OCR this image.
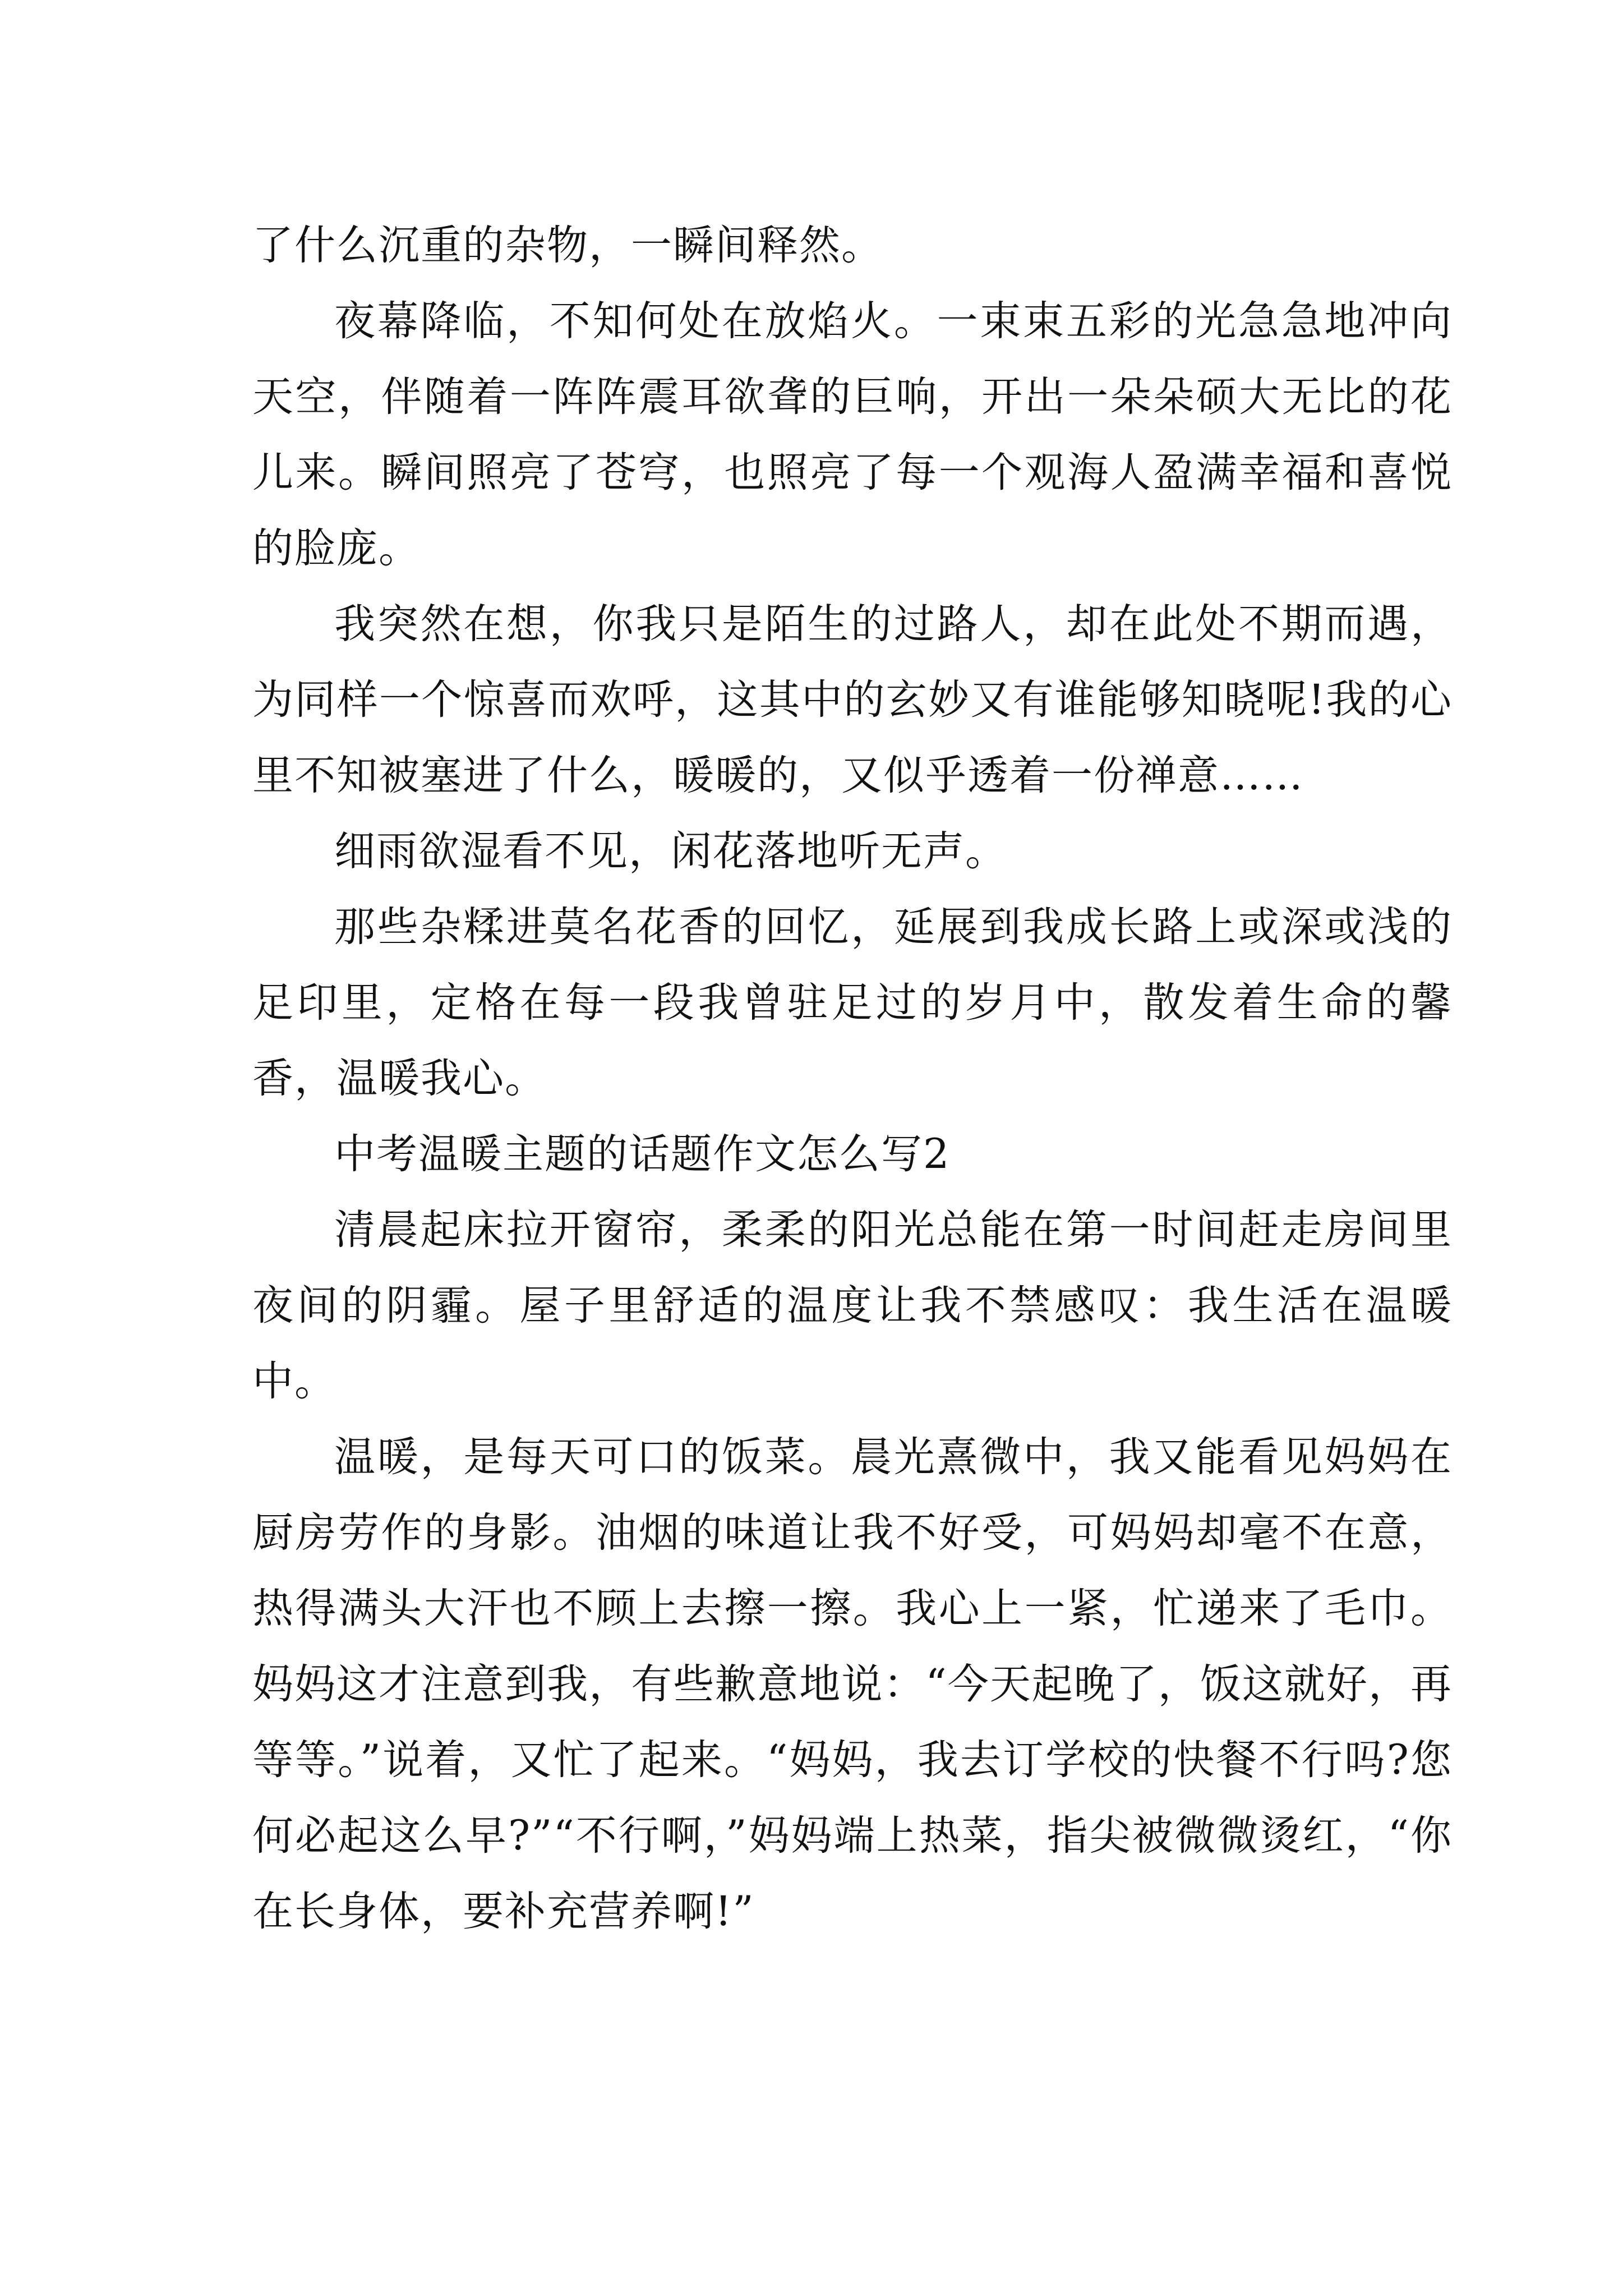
了什么沉重的杂物，一瞬间释然。

夜幕降临，不知何处在放焰火。一束束五彩的光急急地冲向天空，伴随着一阵阵震耳欲聋的巨响，开出一朵朵硕大无比的花儿来。瞬间照亮了苍穹，也照亮了每一个观海人盈满幸福和喜悦的脸庞。

我突然在想，你我只是陌生的过路人，却在此处不期而遇，为同样一个惊喜而欢呼，这其中的玄妙又有谁能够知晓呢!我的心里不知被塞进了什么，暖暖的，又似乎透着一份禅意……

细雨欲湿看不见，闲花落地听无声。

那些杂糅进莫名花香的回忆，延展到我成长路上或深或浅的足印里，定格在每一段我曾驻足过的岁月中，散发着生命的馨香，温暖我心。

中考温暖主题的话题作文怎么写2

清晨起床拉开窗帘，柔柔的阳光总能在第一时间赶走房间里夜间的阴霾。屋子里舒适的温度让我不禁感叹：我生活在温暖中。

温暖，是每天可口的饭菜。晨光熹微中，我又能看见妈妈在厨房劳作的身影。油烟的味道让我不好受，可妈妈却毫不在意，热得满头大汗也不顾上去擦一擦。我心上一紧，忙递来了毛巾。妈妈这才注意到我，有些歉意地说：“今天起晚了，饭这就好，再等等。”说着，又忙了起来。“妈妈，我去订学校的快餐不行吗?您何必起这么早?”“不行啊，”妈妈端上热菜，指尖被微微烫红，“你在长身体，要补充营养啊!”
